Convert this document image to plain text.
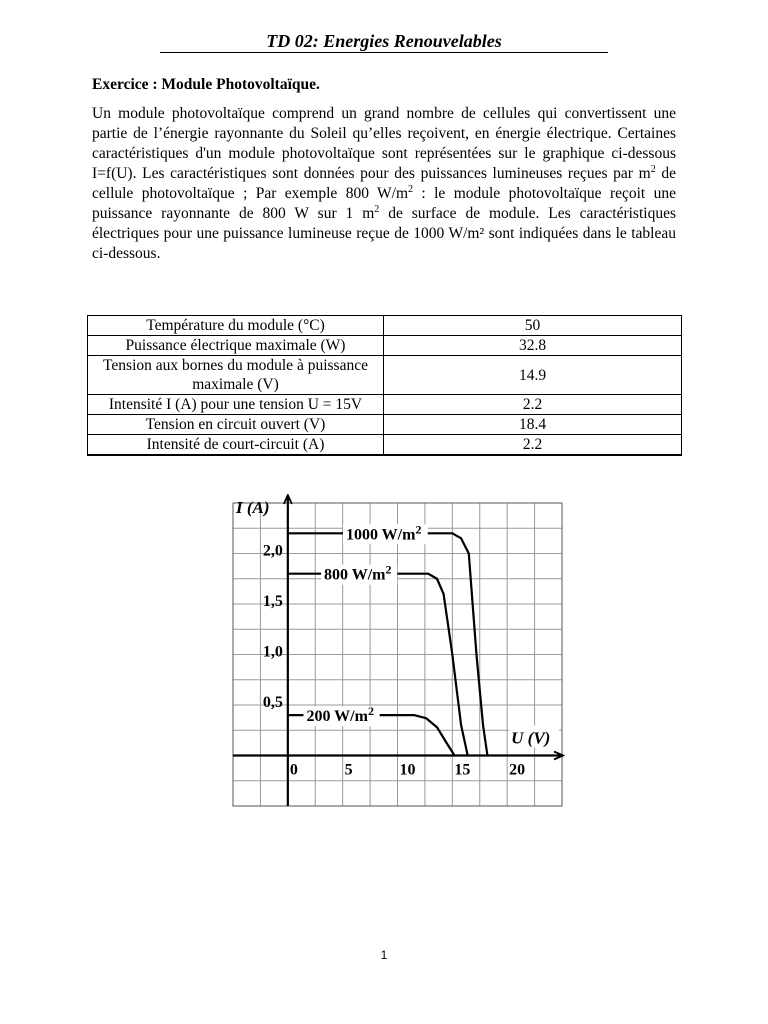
TD 02: Energies Renouvelables
Exercice : Module Photovoltaïque.

Un module photovoltaïque comprend un grand nombre de cellules qui convertissent une partie de l’énergie rayonnante du Soleil qu’elles reçoivent, en énergie électrique. Certaines caractéristiques d'un module photovoltaïque sont représentées sur le graphique ci-dessous I=f(U). Les caractéristiques sont données pour des puissances lumineuses reçues par $m^2$ de cellule photovoltaïque ; Par exemple 800 $W/m^2$ : le module photovoltaïque reçoit une puissance rayonnante de 800 W sur 1 $m^2$ de surface de module. Les caractéristiques électriques pour une puissance lumineuse reçue de 1000 W/m² sont indiquées dans le tableau ci-dessous.

Température du module (°C)	50
Puissance électrique maximale (W)	32.8
Tension aux bornes du module à puissance maximale (V)	14.9
Intensité I (A) pour une tension U = 15V	2.2
Tension en circuit ouvert (V)	18.4
Intensité de court-circuit (A)	2.2
0	5	10 15 20
0,5
1,0
1,5
2,0
I (A)
U (V)
1000 $W/m^2$
800 $W/m^2$
200 $W/m^2$
1
